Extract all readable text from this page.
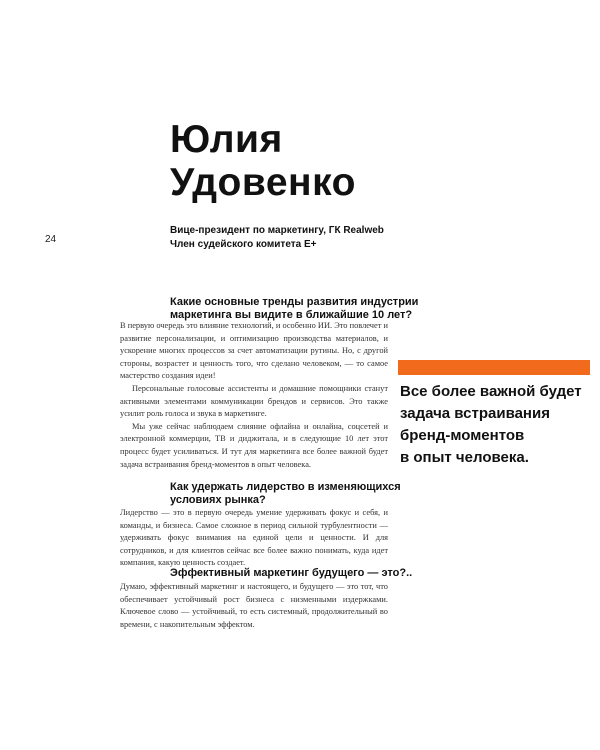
24
Юлия
Удовенко
Вице-президент по маркетингу, ГК Realweb
Член судейского комитета E+
Какие основные тренды развития индустрии
маркетинга вы видите в ближайшие 10 лет?

В первую очередь это влияние технологий, и особенно ИИ. Это повлечет и развитие персонализации, и оптимизацию производства материалов, и ускорение многих процессов за счет автоматизации рутины. Но, с другой стороны, возрастет и ценность того, что сделано человеком, — то самое мастерство создания идеи!

Персональные голосовые ассистенты и домашние помощники станут активными элементами коммуникации брендов и сервисов. Это также усилит роль голоса и звука в маркетинге.

Мы уже сейчас наблюдаем слияние офлайна и онлайна, соцсетей и электронной коммерции, ТВ и диджитала, и в следующие 10 лет этот процесс будет усиливаться. И тут для маркетинга все более важной будет задача встраивания бренд-моментов в опыт человека.

Как удержать лидерство в изменяющихся
условиях рынка?

Лидерство — это в первую очередь умение удерживать фокус и себя, и команды, и бизнеса. Самое сложное в период сильной турбулентности — удерживать фокус внимания на единой цели и ценности. И для сотрудников, и для клиентов сейчас все более важно понимать, куда идет компания, какую ценность создает.

Эффективный маркетинг будущего — это?..

Думаю, эффективный маркетинг и настоящего, и будущего — это тот, что обеспечивает устойчивый рост бизнеса с низменными издержками. Ключевое слово — устойчивый, то есть системный, продолжительный во времени, с накопительным эффектом.

Все более важной будет
задача встраивания
бренд-моментов
в опыт человека.
